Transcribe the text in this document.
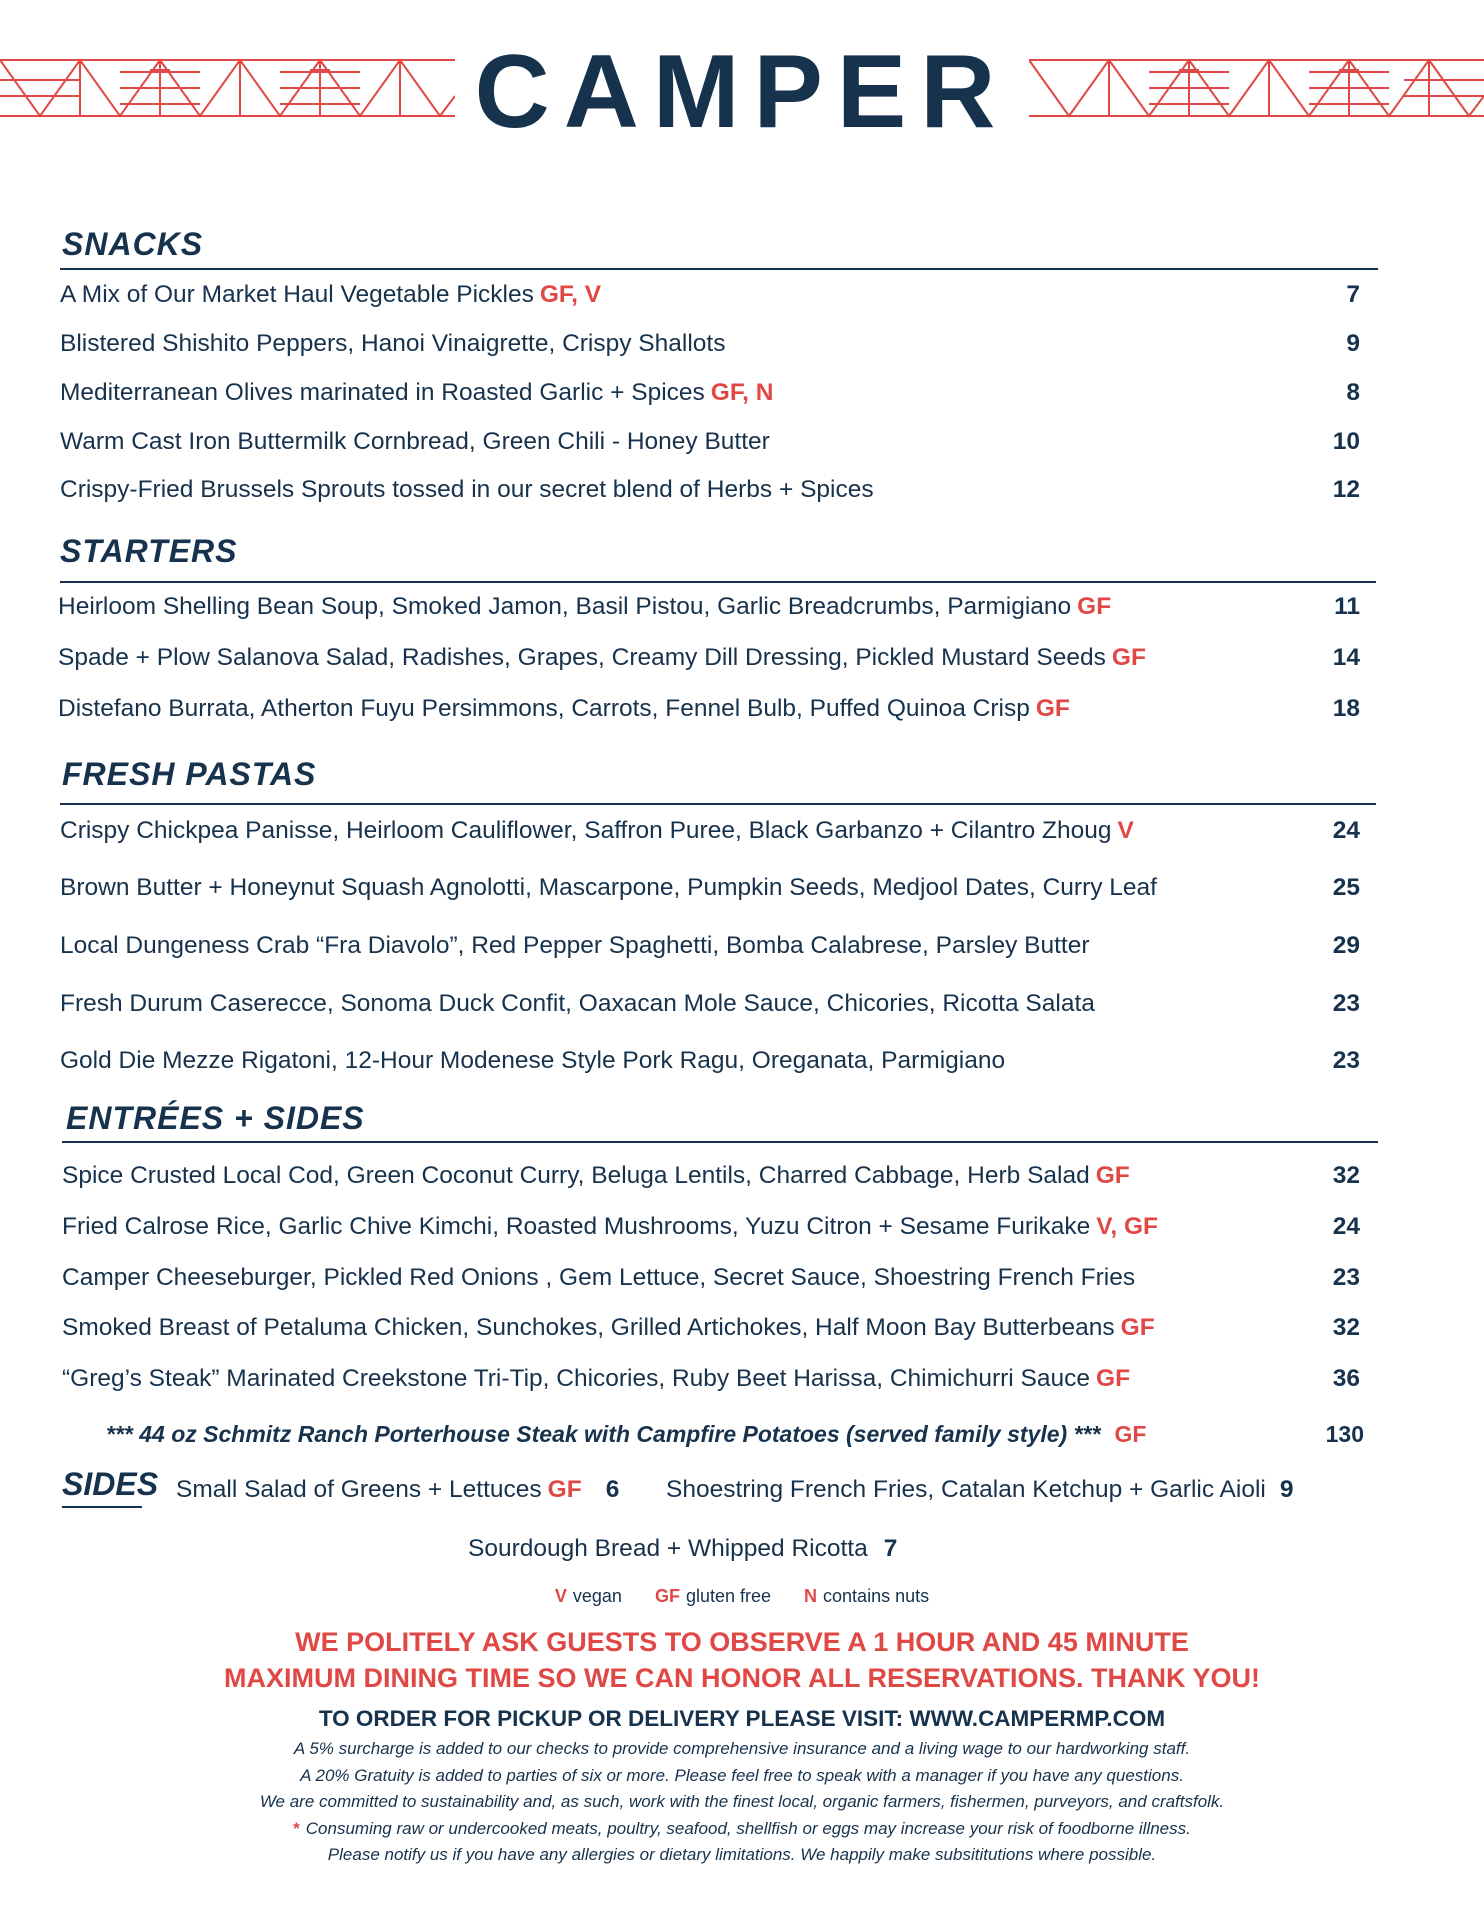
CAMPER
SNACKS
A Mix of Our Market Haul Vegetable Pickles GF, V	7
Blistered Shishito Peppers, Hanoi Vinaigrette, Crispy Shallots	9
Mediterranean Olives marinated in Roasted Garlic + Spices GF, N	8
Warm Cast Iron Buttermilk Cornbread, Green Chili - Honey Butter	10
Crispy-Fried Brussels Sprouts tossed in our secret blend of Herbs + Spices	12
STARTERS
Heirloom Shelling Bean Soup, Smoked Jamon, Basil Pistou, Garlic Breadcrumbs, Parmigiano GF	11
Spade + Plow Salanova Salad, Radishes, Grapes, Creamy Dill Dressing, Pickled Mustard Seeds GF	14
Distefano Burrata, Atherton Fuyu Persimmons, Carrots, Fennel Bulb, Puffed Quinoa Crisp GF	18
FRESH PASTAS
Crispy Chickpea Panisse, Heirloom Cauliflower, Saffron Puree, Black Garbanzo + Cilantro Zhoug V	24
Brown Butter + Honeynut Squash Agnolotti, Mascarpone, Pumpkin Seeds, Medjool Dates, Curry Leaf	25
Local Dungeness Crab “Fra Diavolo”, Red Pepper Spaghetti, Bomba Calabrese, Parsley Butter	29
Fresh Durum Caserecce, Sonoma Duck Confit, Oaxacan Mole Sauce, Chicories, Ricotta Salata	23
Gold Die Mezze Rigatoni, 12-Hour Modenese Style Pork Ragu, Oreganata, Parmigiano	23
ENTRÉES + SIDES
Spice Crusted Local Cod, Green Coconut Curry, Beluga Lentils, Charred Cabbage, Herb Salad GF	32
Fried Calrose Rice, Garlic Chive Kimchi, Roasted Mushrooms, Yuzu Citron + Sesame Furikake V, GF	24
Camper Cheeseburger, Pickled Red Onions , Gem Lettuce, Secret Sauce, Shoestring French Fries	23
Smoked Breast of Petaluma Chicken, Sunchokes, Grilled Artichokes, Half Moon Bay Butterbeans GF	32
“Greg’s Steak” Marinated Creekstone Tri-Tip, Chicories, Ruby Beet Harissa, Chimichurri Sauce GF	36
*** 44 oz Schmitz Ranch Porterhouse Steak with Campfire Potatoes (served family style) *** GF	130
SIDES Small Salad of Greens + Lettuces GF 6 Shoestring French Fries, Catalan Ketchup + Garlic Aioli 9
Sourdough Bread + Whipped Ricotta 7
V vegan GF gluten free N contains nuts
WE POLITELY ASK GUESTS TO OBSERVE A 1 HOUR AND 45 MINUTE
MAXIMUM DINING TIME SO WE CAN HONOR ALL RESERVATIONS. THANK YOU!
TO ORDER FOR PICKUP OR DELIVERY PLEASE VISIT: WWW.CAMPERMP.COM
A 5% surcharge is added to our checks to provide comprehensive insurance and a living wage to our hardworking staff.
A 20% Gratuity is added to parties of six or more. Please feel free to speak with a manager if you have any questions.
We are committed to sustainability and, as such, work with the finest local, organic farmers, fishermen, purveyors, and craftsfolk.
* Consuming raw or undercooked meats, poultry, seafood, shellfish or eggs may increase your risk of foodborne illness.
Please notify us if you have any allergies or dietary limitations. We happily make subsititutions where possible.
